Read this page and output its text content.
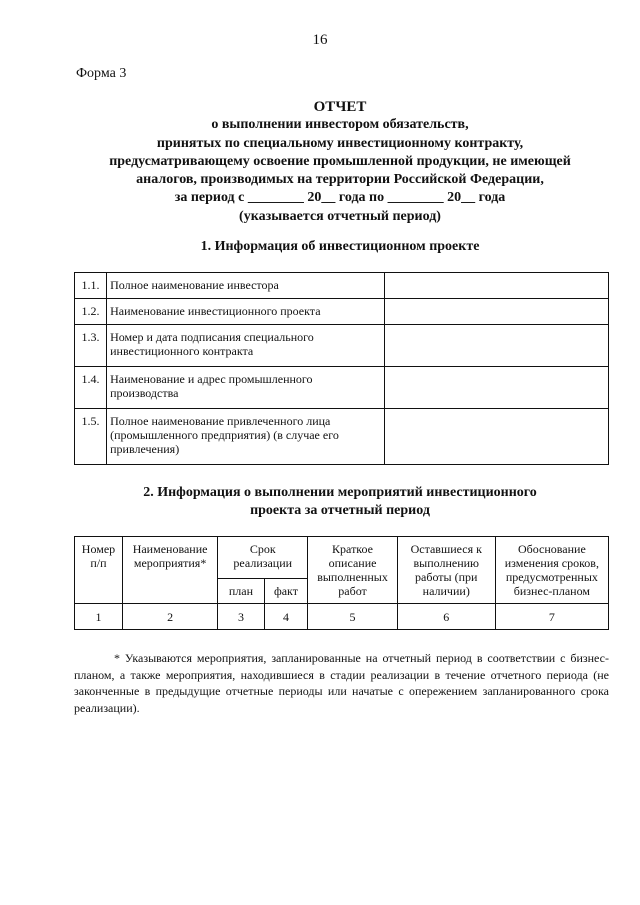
16
Форма 3
ОТЧЕТ
о выполнении инвестором обязательств,
принятых по специальному инвестиционному контракту,
предусматривающему освоение промышленной продукции, не имеющей
аналогов, производимых на территории Российской Федерации,
за период с ________ 20__ года по ________ 20__ года
(указывается отчетный период)
1. Информация об инвестиционном проекте
1.1.	Полное наименование инвестора	
1.2.	Наименование инвестиционного проекта	
1.3.	Номер и дата подписания специального инвестиционного контракта	
1.4.	Наименование и адрес промышленного производства	
1.5.	Полное наименование привлеченного лица (промышленного предприятия) (в случае его привлечения)	
2. Информация о выполнении мероприятий инвестиционного
проекта за отчетный период
Номер п/п	Наименование мероприятия*	Срок реализации		Краткое описание выполненных работ	Оставшиеся к выполнению работы (при наличии)	Обоснование изменения сроков, предусмотренных бизнес-планом
		план	факт			
1	2	3	4	5	6	7
* Указываются мероприятия, запланированные на отчетный период в соответствии с бизнес-планом, а также мероприятия, находившиеся в стадии реализации в течение отчетного периода (не законченные в предыдущие отчетные периоды или начатые с опережением запланированного срока реализации).
